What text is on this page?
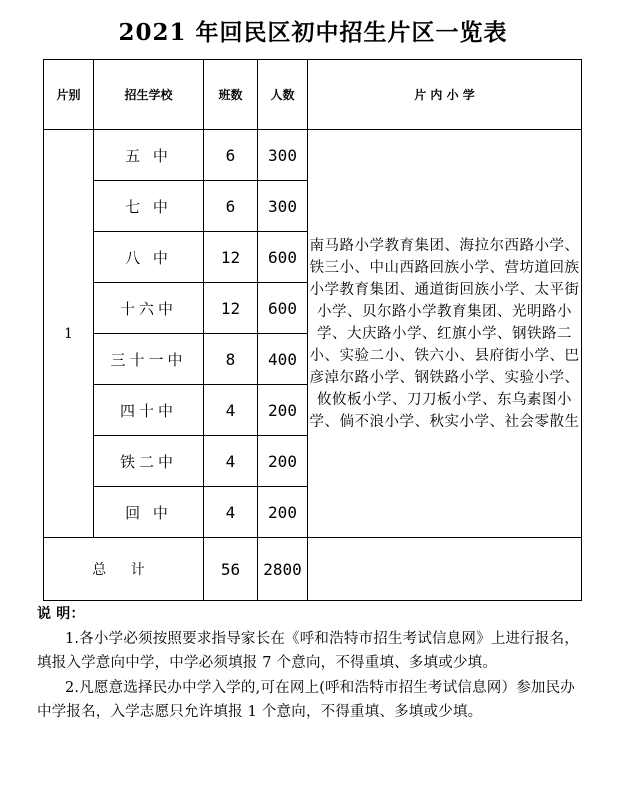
2021 年回民区初中招生片区一览表
片别	招生学校	班数	人数	片 内 小 学
1	五 中	6	300	南马路小学教育集团、海拉尔西路小学、铁三小、中山西路回族小学、营坊道回族小学教育集团、通道街回族小学、太平街小学、贝尔路小学教育集团、光明路小学、大庆路小学、红旗小学、钢铁路二小、实验二小、铁六小、县府街小学、巴彦淖尔路小学、钢铁路小学、实验小学、攸攸板小学、刀刀板小学、东乌素图小学、倘不浪小学、秋实小学、社会零散生
	七 中	6	300	
	八 中	12	600	
	十六中	12	600	
	三十一中	8	400	
	四十中	4	200	
	铁二中	4	200	
	回 中	4	200	
总 计		56	2800	
说 明：

1.各小学必须按照要求指导家长在《呼和浩特市招生考试信息网》上进行报名，填报入学意向中学，中学必须填报 7 个意向，不得重填、多填或少填。

2.凡愿意选择民办中学入学的,可在网上(呼和浩特市招生考试信息网）参加民办中学报名，入学志愿只允许填报 1 个意向，不得重填、多填或少填。
